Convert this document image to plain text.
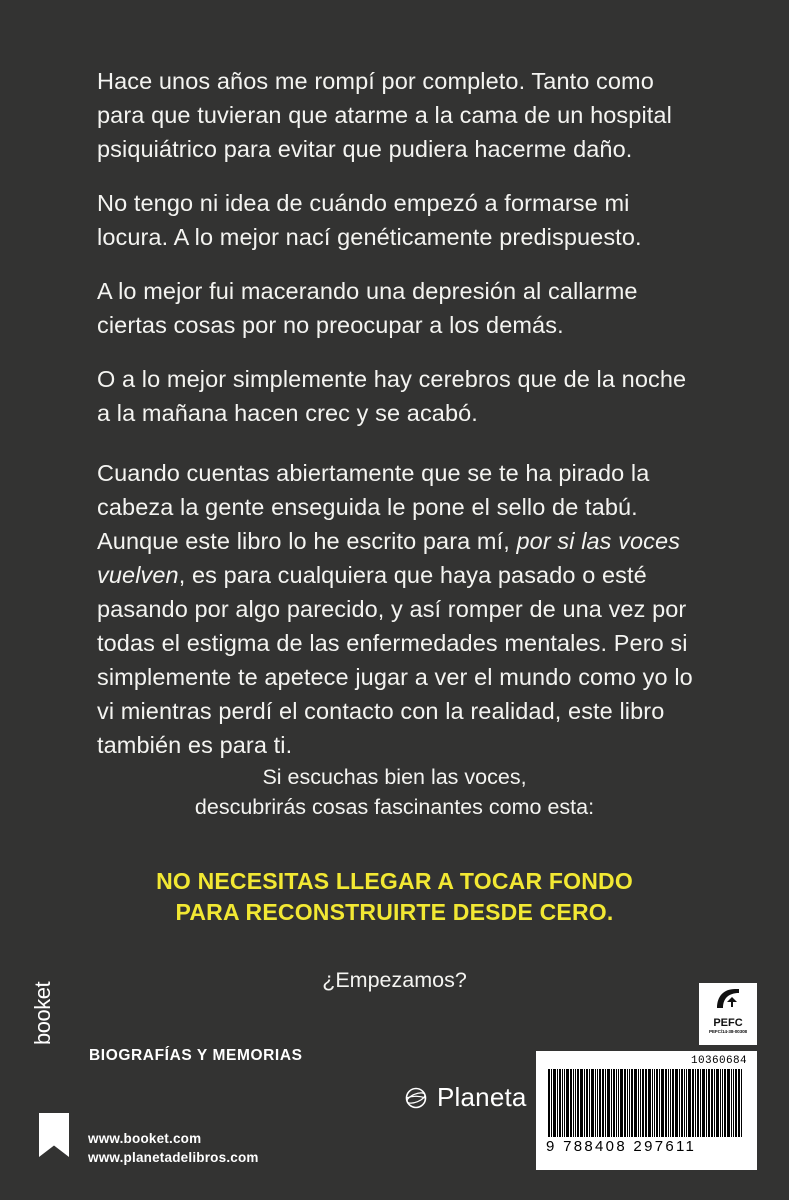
Hace unos años me rompí por completo. Tanto como para que tuvieran que atarme a la cama de un hospital psiquiátrico para evitar que pudiera hacerme daño.

No tengo ni idea de cuándo empezó a formarse mi locura. A lo mejor nací genéticamente predispuesto.

A lo mejor fui macerando una depresión al callarme ciertas cosas por no preocupar a los demás.

O a lo mejor simplemente hay cerebros que de la noche a la mañana hacen crec y se acabó.

Cuando cuentas abiertamente que se te ha pirado la cabeza la gente enseguida le pone el sello de tabú. Aunque este libro lo he escrito para mí, por si las voces vuelven, es para cualquiera que haya pasado o esté pasando por algo parecido, y así romper de una vez por todas el estigma de las enfermedades mentales. Pero si simplemente te apetece jugar a ver el mundo como yo lo vi mientras perdí el contacto con la realidad, este libro también es para ti.

Si escuchas bien las voces,
descubrirás cosas fascinantes como esta:
NO NECESITAS LLEGAR A TOCAR FONDO
PARA RECONSTRUIRTE DESDE CERO.
¿Empezamos?
booket
BIOGRAFÍAS Y MEMORIAS
www.booket.com
www.planetadelibros.com
Planeta
PEFC
PEFC/14-38-00308
10360684
9 788408 297611
